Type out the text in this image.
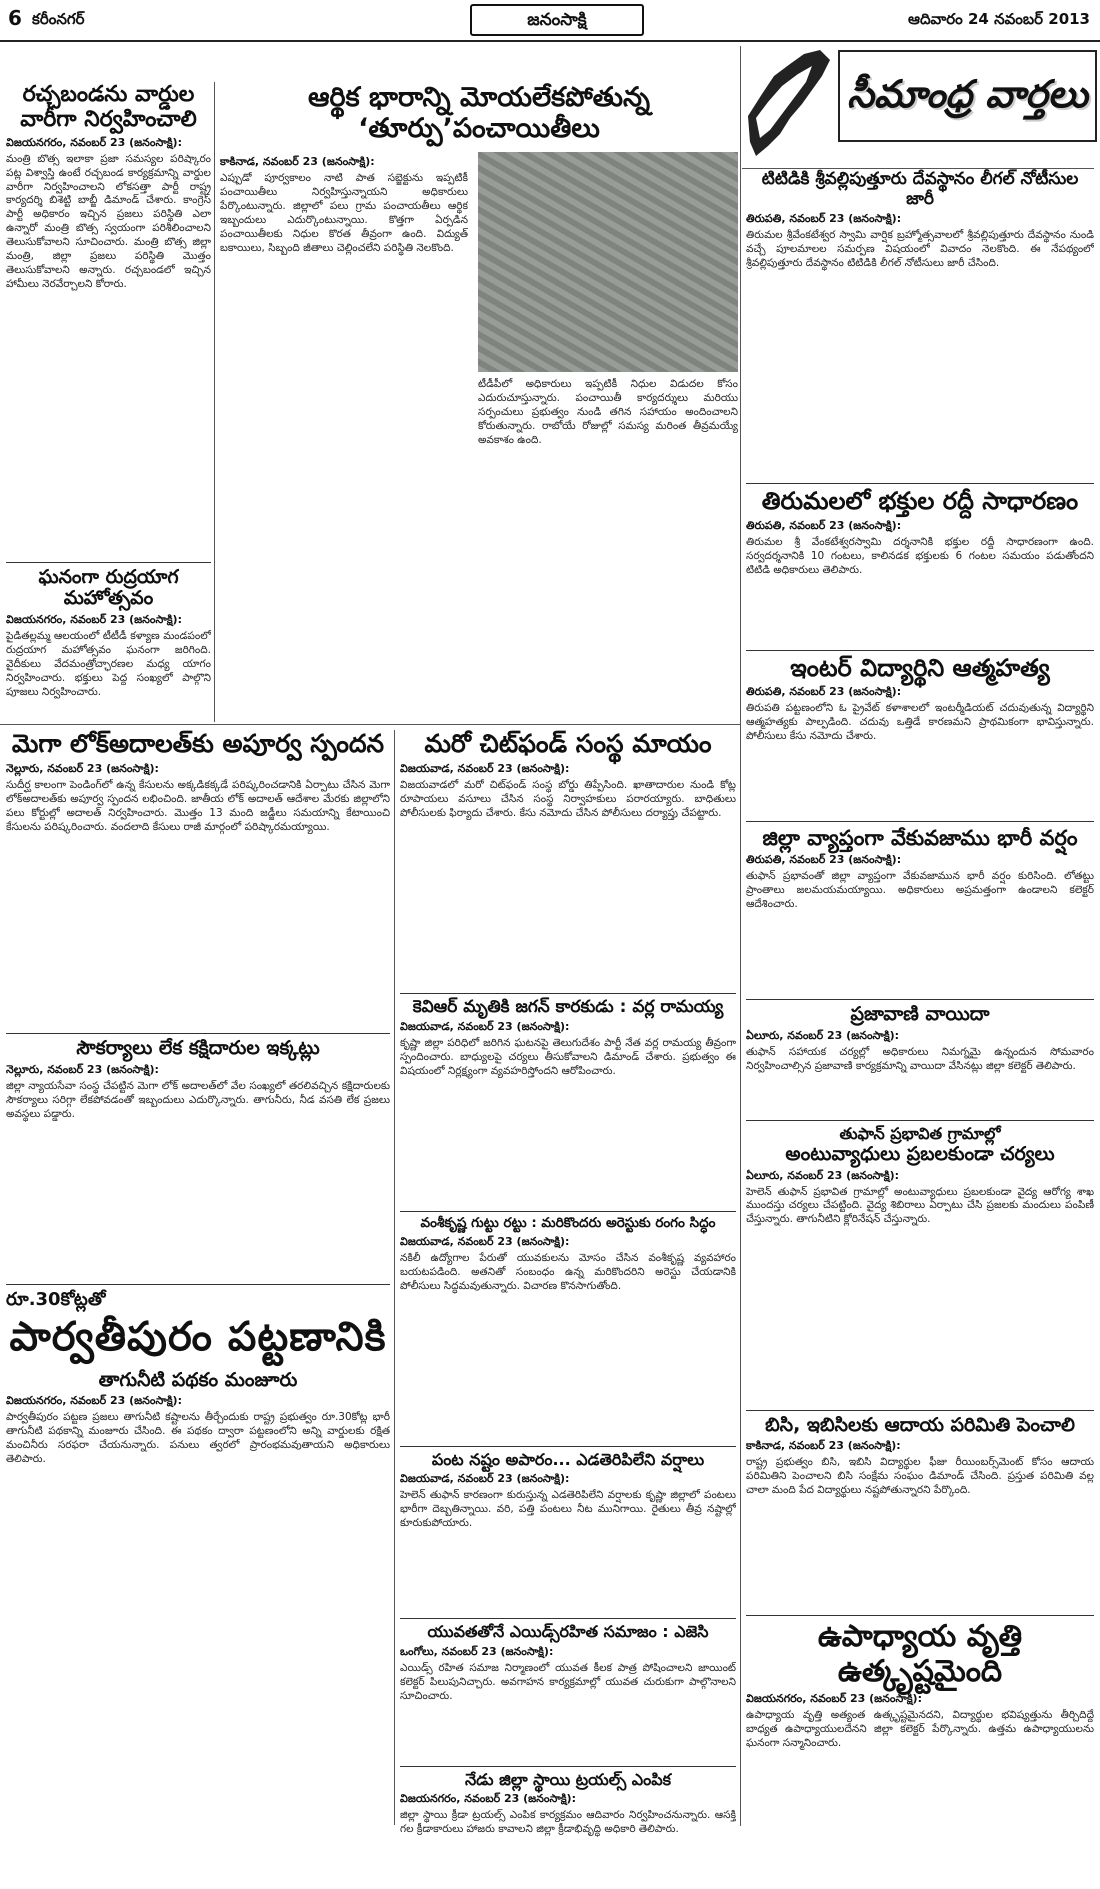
6 కరీంనగర్	జనంసాక్షి	ఆదివారం 24 నవంబర్ 2013
రచ్చబండను వార్డుల వారీగా నిర్వహించాలి
విజయనగరం, నవంబర్ 23 (జనంసాక్షి):
మంత్రి బొత్స ఇలాకా ప్రజా సమస్యల పరిష్కారం పట్ల విశ్వాస్తి ఉంటే రచ్చబండ కార్యక్రమాన్ని వార్డుల వారీగా నిర్వహించాలని లోకసత్తా పార్టీ రాష్ట్ర కార్యదర్శి బిశెట్టి బాబ్జీ డిమాండ్ చేశారు. కాంగ్రెస్ పార్టీ అధికారం ఇచ్చిన ప్రజలు పరిస్థితి ఎలా ఉన్నారో మంత్రి బొత్స స్వయంగా పరిశీలించాలని తెలుసుకోవాలని సూచించారు. మంత్రి బొత్స జిల్లా మంత్రి, జిల్లా ప్రజలు పరిస్థితి మొత్తం తెలుసుకోవాలని అన్నారు. రచ్చబండలో ఇచ్చిన హామీలు నెరవేర్చాలని కోరారు.
ఘనంగా రుద్రయాగ మహోత్సవం
విజయనగరం, నవంబర్ 23 (జనంసాక్షి):
పైడితల్లమ్మ ఆలయంలో టీటీడీ కళ్యాణ మండపంలో రుద్రయాగ మహోత్సవం ఘనంగా జరిగింది. వైదీకులు వేదమంత్రోచ్ఛారణల మధ్య యాగం నిర్వహించారు. భక్తులు పెద్ద సంఖ్యలో పాల్గొని పూజలు నిర్వహించారు.
ఆర్థిక భారాన్ని మోయలేకపోతున్న ‘తూర్పు’పంచాయితీలు
కాకినాడ, నవంబర్ 23 (జనంసాక్షి):
ఎప్పుడో పూర్వకాలం నాటి పాత సబ్జెక్టును ఇప్పటికీ పంచాయితీలు నిర్వహిస్తున్నాయని అధికారులు పేర్కొంటున్నారు. జిల్లాలో పలు గ్రామ పంచాయతీలు ఆర్థిక ఇబ్బందులు ఎదుర్కొంటున్నాయి. కొత్తగా ఏర్పడిన పంచాయితీలకు నిధుల కొరత తీవ్రంగా ఉంది. విద్యుత్ బకాయిలు, సిబ్బంది జీతాలు చెల్లించలేని పరిస్థితి నెలకొంది.
టీడీపీలో అధికారులు ఇప్పటికీ నిధుల విడుదల కోసం ఎదురుచూస్తున్నారు. పంచాయితీ కార్యదర్శులు మరియు సర్పంచులు ప్రభుత్వం నుండి తగిన సహాయం అందించాలని కోరుతున్నారు. రాబోయే రోజుల్లో సమస్య మరింత తీవ్రమయ్యే అవకాశం ఉంది.
సీమాంధ్ర వార్తలు
టిటిడికి శ్రీవల్లిపుత్తూరు దేవస్థానం లీగల్ నోటీసుల జారీ
తిరుపతి, నవంబర్ 23 (జనంసాక్షి):
తిరుమల శ్రీవేంకటేశ్వర స్వామి వార్షిక బ్రహ్మోత్సవాలలో శ్రీవల్లిపుత్తూరు దేవస్థానం నుండి వచ్చే పూలమాలల సమర్పణ విషయంలో వివాదం నెలకొంది. ఈ నేపథ్యంలో శ్రీవల్లిపుత్తూరు దేవస్థానం టిటిడికి లీగల్ నోటీసులు జారీ చేసింది.
తిరుమలలో భక్తుల రద్దీ సాధారణం
తిరుపతి, నవంబర్ 23 (జనంసాక్షి):
తిరుమల శ్రీ వేంకటేశ్వరస్వామి దర్శనానికి భక్తుల రద్దీ సాధారణంగా ఉంది. సర్వదర్శనానికి 10 గంటలు, కాలినడక భక్తులకు 6 గంటల సమయం పడుతోందని టిటిడి అధికారులు తెలిపారు.
ఇంటర్ విద్యార్థిని ఆత్మహత్య
తిరుపతి, నవంబర్ 23 (జనంసాక్షి):
తిరుపతి పట్టణంలోని ఓ ప్రైవేట్ కళాశాలలో ఇంటర్మీడియట్ చదువుతున్న విద్యార్థిని ఆత్మహత్యకు పాల్పడింది. చదువు ఒత్తిడే కారణమని ప్రాథమికంగా భావిస్తున్నారు. పోలీసులు కేసు నమోదు చేశారు.
జిల్లా వ్యాప్తంగా వేకువజాము భారీ వర్షం
తిరుపతి, నవంబర్ 23 (జనంసాక్షి):
తుఫాన్ ప్రభావంతో జిల్లా వ్యాప్తంగా వేకువజామున భారీ వర్షం కురిసింది. లోతట్టు ప్రాంతాలు జలమయమయ్యాయి. అధికారులు అప్రమత్తంగా ఉండాలని కలెక్టర్ ఆదేశించారు.
ప్రజావాణి వాయిదా
ఏలూరు, నవంబర్ 23 (జనంసాక్షి):
తుఫాన్ సహాయక చర్యల్లో అధికారులు నిమగ్నమై ఉన్నందున సోమవారం నిర్వహించాల్సిన ప్రజావాణి కార్యక్రమాన్ని వాయిదా వేసినట్లు జిల్లా కలెక్టర్ తెలిపారు.
తుఫాన్ ప్రభావిత గ్రామాల్లో
అంటువ్యాధులు ప్రబలకుండా చర్యలు
ఏలూరు, నవంబర్ 23 (జనంసాక్షి):
హెలెన్ తుఫాన్ ప్రభావిత గ్రామాల్లో అంటువ్యాధులు ప్రబలకుండా వైద్య ఆరోగ్య శాఖ ముందస్తు చర్యలు చేపట్టింది. వైద్య శిబిరాలు ఏర్పాటు చేసి ప్రజలకు మందులు పంపిణీ చేస్తున్నారు. తాగునీటిని క్లోరినేషన్ చేస్తున్నారు.
బిసి, ఇబిసిలకు ఆదాయ పరిమితి పెంచాలి
కాకినాడ, నవంబర్ 23 (జనంసాక్షి):
రాష్ట్ర ప్రభుత్వం బిసి, ఇబిసి విద్యార్థుల ఫీజు రీయింబర్స్‌మెంట్ కోసం ఆదాయ పరిమితిని పెంచాలని బిసి సంక్షేమ సంఘం డిమాండ్ చేసింది. ప్రస్తుత పరిమితి వల్ల చాలా మంది పేద విద్యార్థులు నష్టపోతున్నారని పేర్కొంది.
ఉపాధ్యాయ వృత్తి ఉత్కృష్టమైంది
విజయనగరం, నవంబర్ 23 (జనంసాక్షి):
ఉపాధ్యాయ వృత్తి అత్యంత ఉత్కృష్టమైనదని, విద్యార్థుల భవిష్యత్తును తీర్చిదిద్దే బాధ్యత ఉపాధ్యాయులదేనని జిల్లా కలెక్టర్ పేర్కొన్నారు. ఉత్తమ ఉపాధ్యాయులను ఘనంగా సన్మానించారు.
మెగా లోక్‌అదాలత్‌కు అపూర్వ స్పందన
నెల్లూరు, నవంబర్ 23 (జనంసాక్షి):
సుదీర్ఘ కాలంగా పెండింగ్‌లో ఉన్న కేసులను అక్కడికక్కడే పరిష్కరించడానికి ఏర్పాటు చేసిన మెగా లోక్‌అదాలత్‌కు అపూర్వ స్పందన లభించింది. జాతీయ లోక్ అదాలత్ ఆదేశాల మేరకు జిల్లాలోని పలు కోర్టుల్లో అదాలత్ నిర్వహించారు. మొత్తం 13 మంది జడ్జీలు సమయాన్ని కేటాయించి కేసులను పరిష్కరించారు. వందలాది కేసులు రాజీ మార్గంలో పరిష్కారమయ్యాయి.
సౌకర్యాలు లేక కక్షిదారుల ఇక్కట్లు
నెల్లూరు, నవంబర్ 23 (జనంసాక్షి):
జిల్లా న్యాయసేవా సంస్థ చేపట్టిన మెగా లోక్ అదాలత్‌లో వేల సంఖ్యలో తరలివచ్చిన కక్షిదారులకు సౌకర్యాలు సరిగ్గా లేకపోవడంతో ఇబ్బందులు ఎదుర్కొన్నారు. తాగునీరు, నీడ వసతి లేక ప్రజలు అవస్థలు పడ్డారు.
రూ.30కోట్లతో
పార్వతీపురం పట్టణానికి
తాగునీటి పథకం మంజూరు
విజయనగరం, నవంబర్ 23 (జనంసాక్షి):
పార్వతీపురం పట్టణ ప్రజలు తాగునీటి కష్టాలను తీర్చేందుకు రాష్ట్ర ప్రభుత్వం రూ.30కోట్ల భారీ తాగునీటి పథకాన్ని మంజూరు చేసింది. ఈ పథకం ద్వారా పట్టణంలోని అన్ని వార్డులకు రక్షిత మంచినీరు సరఫరా చేయనున్నారు. పనులు త్వరలో ప్రారంభమవుతాయని అధికారులు తెలిపారు.
మరో చిట్‌ఫండ్ సంస్థ మాయం
విజయవాడ, నవంబర్ 23 (జనంసాక్షి):
విజయవాడలో మరో చిట్‌ఫండ్ సంస్థ బోర్డు తిప్పేసింది. ఖాతాదారుల నుండి కోట్ల రూపాయలు వసూలు చేసిన సంస్థ నిర్వాహకులు పరారయ్యారు. బాధితులు పోలీసులకు ఫిర్యాదు చేశారు. కేసు నమోదు చేసిన పోలీసులు దర్యాప్తు చేపట్టారు.
కెవిఆర్ మృతికి జగన్ కారకుడు : వర్ల రామయ్య
విజయవాడ, నవంబర్ 23 (జనంసాక్షి):
కృష్ణా జిల్లా పరిధిలో జరిగిన ఘటనపై తెలుగుదేశం పార్టీ నేత వర్ల రామయ్య తీవ్రంగా స్పందించారు. బాధ్యులపై చర్యలు తీసుకోవాలని డిమాండ్ చేశారు. ప్రభుత్వం ఈ విషయంలో నిర్లక్ష్యంగా వ్యవహరిస్తోందని ఆరోపించారు.
వంశీకృష్ణ గుట్టు రట్టు : మరికొందరు అరెస్టుకు రంగం సిద్ధం
విజయవాడ, నవంబర్ 23 (జనంసాక్షి):
నకిలీ ఉద్యోగాల పేరుతో యువకులను మోసం చేసిన వంశీకృష్ణ వ్యవహారం బయటపడింది. అతనితో సంబంధం ఉన్న మరికొందరిని అరెస్టు చేయడానికి పోలీసులు సిద్ధమవుతున్నారు. విచారణ కొనసాగుతోంది.
పంట నష్టం అపారం... ఎడతెరిపిలేని వర్షాలు
విజయవాడ, నవంబర్ 23 (జనంసాక్షి):
హెలెన్ తుఫాన్ కారణంగా కురుస్తున్న ఎడతెరిపిలేని వర్షాలకు కృష్ణా జిల్లాలో పంటలు భారీగా దెబ్బతిన్నాయి. వరి, పత్తి పంటలు నీట మునిగాయి. రైతులు తీవ్ర నష్టాల్లో కూరుకుపోయారు.
యువతతోనే ఎయిడ్స్‌రహిత సమాజం : ఎజెసి
ఒంగోలు, నవంబర్ 23 (జనంసాక్షి):
ఎయిడ్స్ రహిత సమాజ నిర్మాణంలో యువత కీలక పాత్ర పోషించాలని జాయింట్ కలెక్టర్ పిలుపునిచ్చారు. అవగాహన కార్యక్రమాల్లో యువత చురుకుగా పాల్గొనాలని సూచించారు.
నేడు జిల్లా స్థాయి ట్రయల్స్ ఎంపిక
విజయనగరం, నవంబర్ 23 (జనంసాక్షి):
జిల్లా స్థాయి క్రీడా ట్రయల్స్ ఎంపిక కార్యక్రమం ఆదివారం నిర్వహించనున్నారు. ఆసక్తి గల క్రీడాకారులు హాజరు కావాలని జిల్లా క్రీడాభివృద్ధి అధికారి తెలిపారు.
